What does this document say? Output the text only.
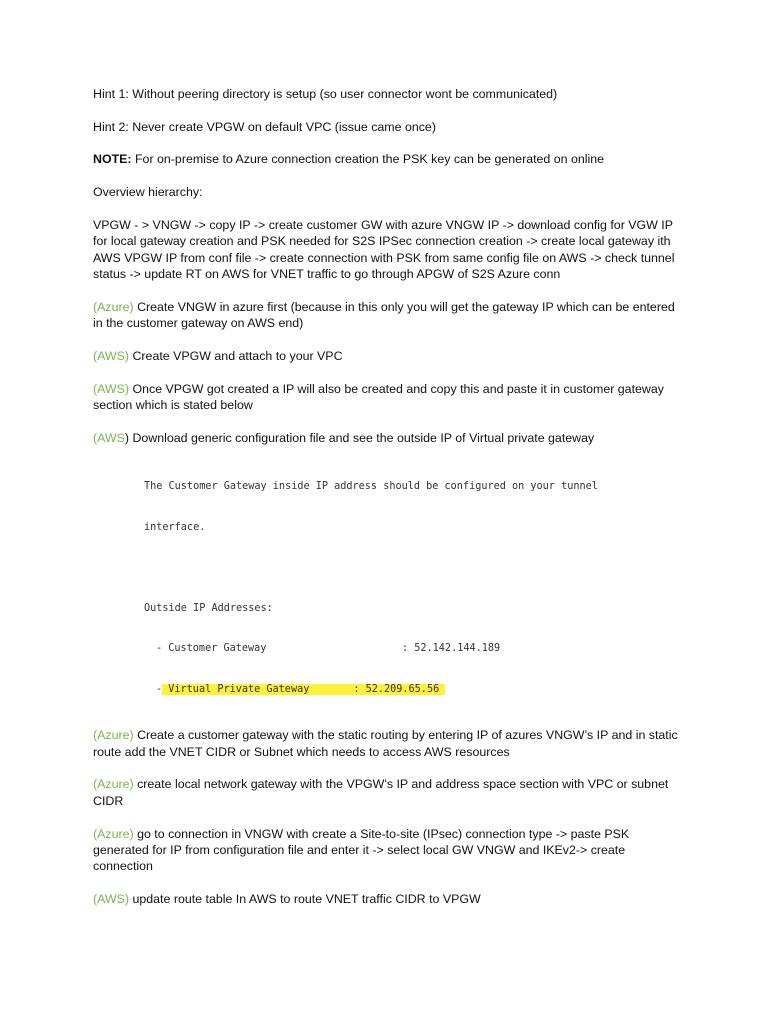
Hint 1: Without peering directory is setup (so user connector wont be communicated)

Hint 2: Never create VPGW on default VPC (issue came once)

NOTE: For on-premise to Azure connection creation the PSK key can be generated on online

Overview hierarchy:

VPGW - > VNGW -> copy IP -> create customer GW with azure VNGW IP -> download config for VGW IP for local gateway creation and PSK needed for S2S IPSec connection creation -> create local gateway ith AWS VPGW IP from conf file -> create connection with PSK from same config file on AWS -> check tunnel status -> update RT on AWS for VNET traffic to go through APGW of S2S Azure conn

(Azure) Create VNGW in azure first (because in this only you will get the gateway IP which can be entered in the customer gateway on AWS end)

(AWS) Create VPGW and attach to your VPC

(AWS) Once VPGW got created a IP will also be created and copy this and paste it in customer gateway section which is stated below

(AWS) Download generic configuration file and see the outside IP of Virtual private gateway

The Customer Gateway inside IP address should be configured on your tunnel

interface.

Outside IP Addresses:

- Customer Gateway	: 52.142.144.189

- Virtual Private Gateway	: 52.209.65.56

(Azure) Create a customer gateway with the static routing by entering IP of azures VNGW’s IP and in static route add the VNET CIDR or Subnet which needs to access AWS resources

(Azure) create local network gateway with the VPGW’s IP and address space section with VPC or subnet CIDR

(Azure) go to connection in VNGW with create a Site-to-site (IPsec) connection type -> paste PSK generated for IP from configuration file and enter it -> select local GW VNGW and IKEv2-> create connection

(AWS) update route table In AWS to route VNET traffic CIDR to VPGW
